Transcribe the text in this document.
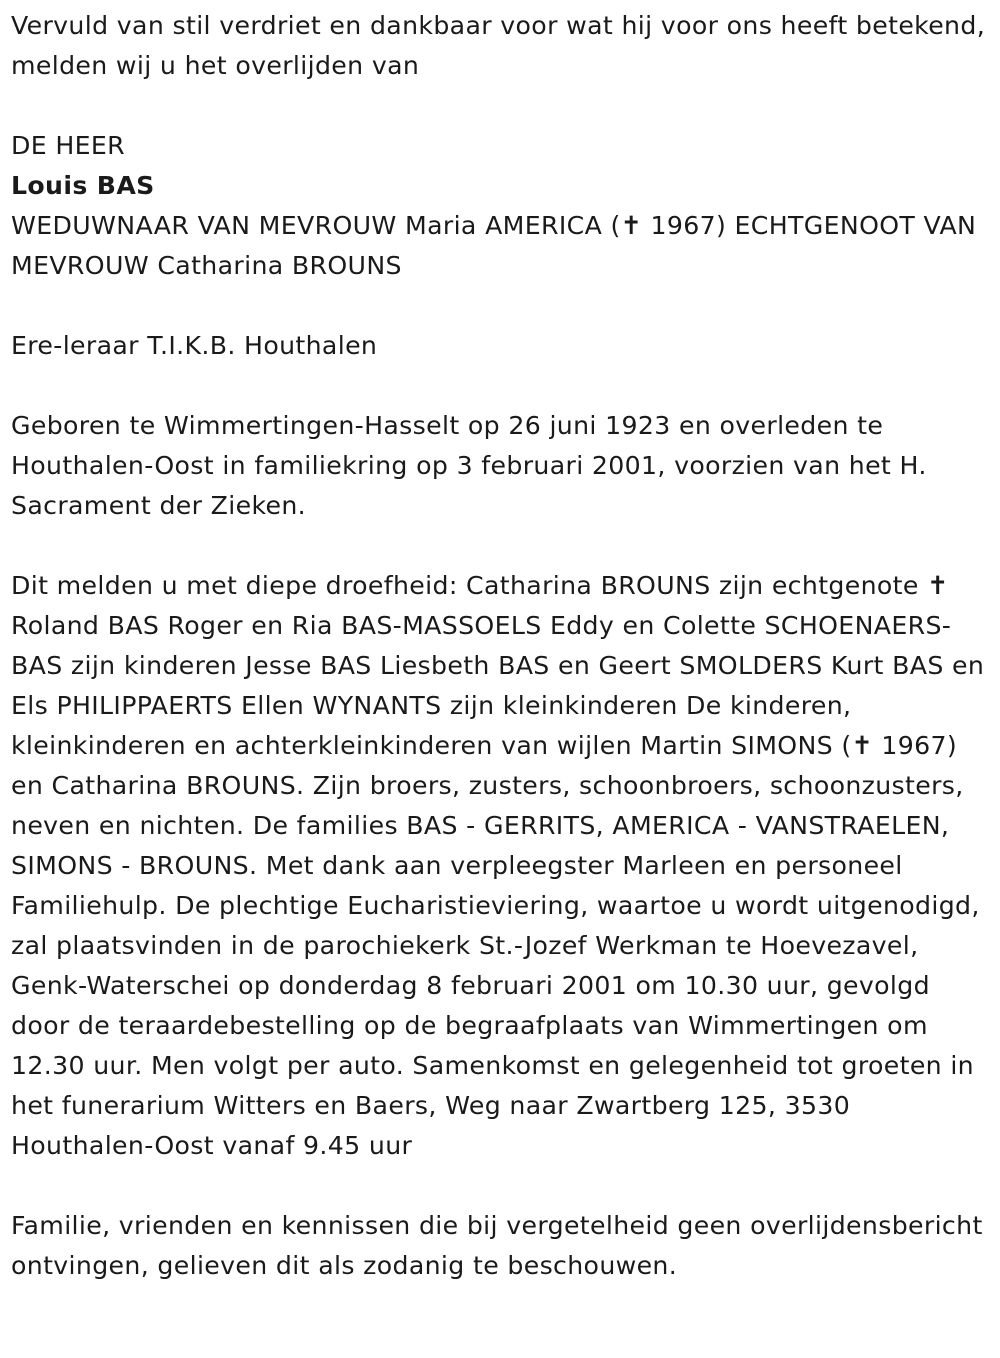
Vervuld van stil verdriet en dankbaar voor wat hij voor ons heeft betekend, melden wij u het overlijden van

DE HEER

Louis BAS

WEDUWNAAR VAN MEVROUW Maria AMERICA (✝ 1967) ECHTGENOOT VAN MEVROUW Catharina BROUNS

Ere-leraar T.I.K.B. Houthalen

Geboren te Wimmertingen-Hasselt op 26 juni 1923 en overleden te Houthalen-Oost in familiekring op 3 februari 2001, voorzien van het H. Sacrament der Zieken.

Dit melden u met diepe droefheid: Catharina BROUNS zijn echtgenote ✝ Roland BAS Roger en Ria BAS-MASSOELS Eddy en Colette SCHOENAERS-BAS zijn kinderen Jesse BAS Liesbeth BAS en Geert SMOLDERS Kurt BAS en Els PHILIPPAERTS Ellen WYNANTS zijn kleinkinderen De kinderen, kleinkinderen en achterkleinkinderen van wijlen Martin SIMONS (✝ 1967) en Catharina BROUNS. Zijn broers, zusters, schoonbroers, schoonzusters, neven en nichten. De families BAS - GERRITS, AMERICA - VANSTRAELEN, SIMONS - BROUNS. Met dank aan verpleegster Marleen en personeel Familiehulp. De plechtige Eucharistieviering, waartoe u wordt uitgenodigd, zal plaatsvinden in de parochiekerk St.-Jozef Werkman te Hoevezavel, Genk-Waterschei op donderdag 8 februari 2001 om 10.30 uur, gevolgd door de teraardebestelling op de begraafplaats van Wimmertingen om 12.30 uur. Men volgt per auto. Samenkomst en gelegenheid tot groeten in het funerarium Witters en Baers, Weg naar Zwartberg 125, 3530 Houthalen-Oost vanaf 9.45 uur

Familie, vrienden en kennissen die bij vergetelheid geen overlijdensbericht ontvingen, gelieven dit als zodanig te beschouwen.
